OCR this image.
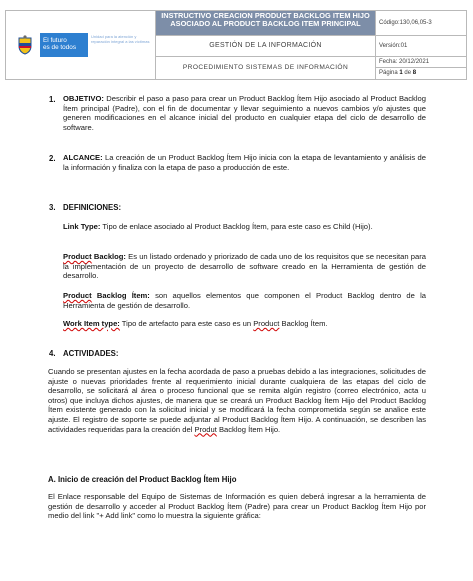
El futuro
es de todos
Unidad para la atención y reparación integral a las víctimas
INSTRUCTIVO CREACION PRODUCT BACKLOG ITEM HIJO ASOCIADO AL PRODUCT BACKLOG ITEM PRINCIPAL
GESTIÓN DE LA INFORMACIÓN
PROCEDIMIENTO SISTEMAS DE INFORMACIÓN
Código:130,06,05-3
Versión:01
Fecha: 20/12/2021
Página 1 de 8
1. OBJETIVO: Describir el paso a paso para crear un Product Backlog Ítem Hijo asociado al Product Backlog Ítem principal (Padre), con el fin de documentar y llevar seguimiento a nuevos cambios y/o ajustes que generen modificaciones en el alcance inicial del producto en cualquier etapa del ciclo de desarrollo de software.
2. ALCANCE: La creación de un Product Backlog Ítem Hijo inicia con la etapa de levantamiento y análisis de la información y finaliza con la etapa de paso a producción de este.
3. DEFINICIONES:
Link Type: Tipo de enlace asociado al Product Backlog Ítem, para este caso es Child (Hijo).
Product Backlog: Es un listado ordenado y priorizado de cada uno de los requisitos que se necesitan para la implementación de un proyecto de desarrollo de software creado en la Herramienta de gestión de desarrollo.
Product Backlog Ítem: son aquellos elementos que componen el Product Backlog dentro de la Herramienta de gestión de desarrollo.
Work Item type: Tipo de artefacto para este caso es un Product Backlog Ítem.
4. ACTIVIDADES:
Cuando se presentan ajustes en la fecha acordada de paso a pruebas debido a las integraciones, solicitudes de ajuste o nuevas prioridades frente al requerimiento inicial durante cualquiera de las etapas del ciclo de desarrollo, se solicitará al área o proceso funcional que se remita algún registro (correo electrónico, acta u otros) que incluya dichos ajustes, de manera que se creará un Product Backlog Ítem Hijo del Product Backlog Ítem existente generado con la solicitud inicial y se modificará la fecha comprometida según se analice este ajuste. El registro de soporte se puede adjuntar al Product Backlog Ítem Hijo. A continuación, se describen las actividades requeridas para la creación del Produt Backlog Ítem Hijo.
A. Inicio de creación del Product Backlog Ítem Hijo
El Enlace responsable del Equipo de Sistemas de Información es quien deberá ingresar a la herramienta de gestión de desarrollo y acceder al Product Backlog Ítem (Padre) para crear un Product Backlog Ítem Hijo por medio del link "+ Add link" como lo muestra la siguiente gráfica:
